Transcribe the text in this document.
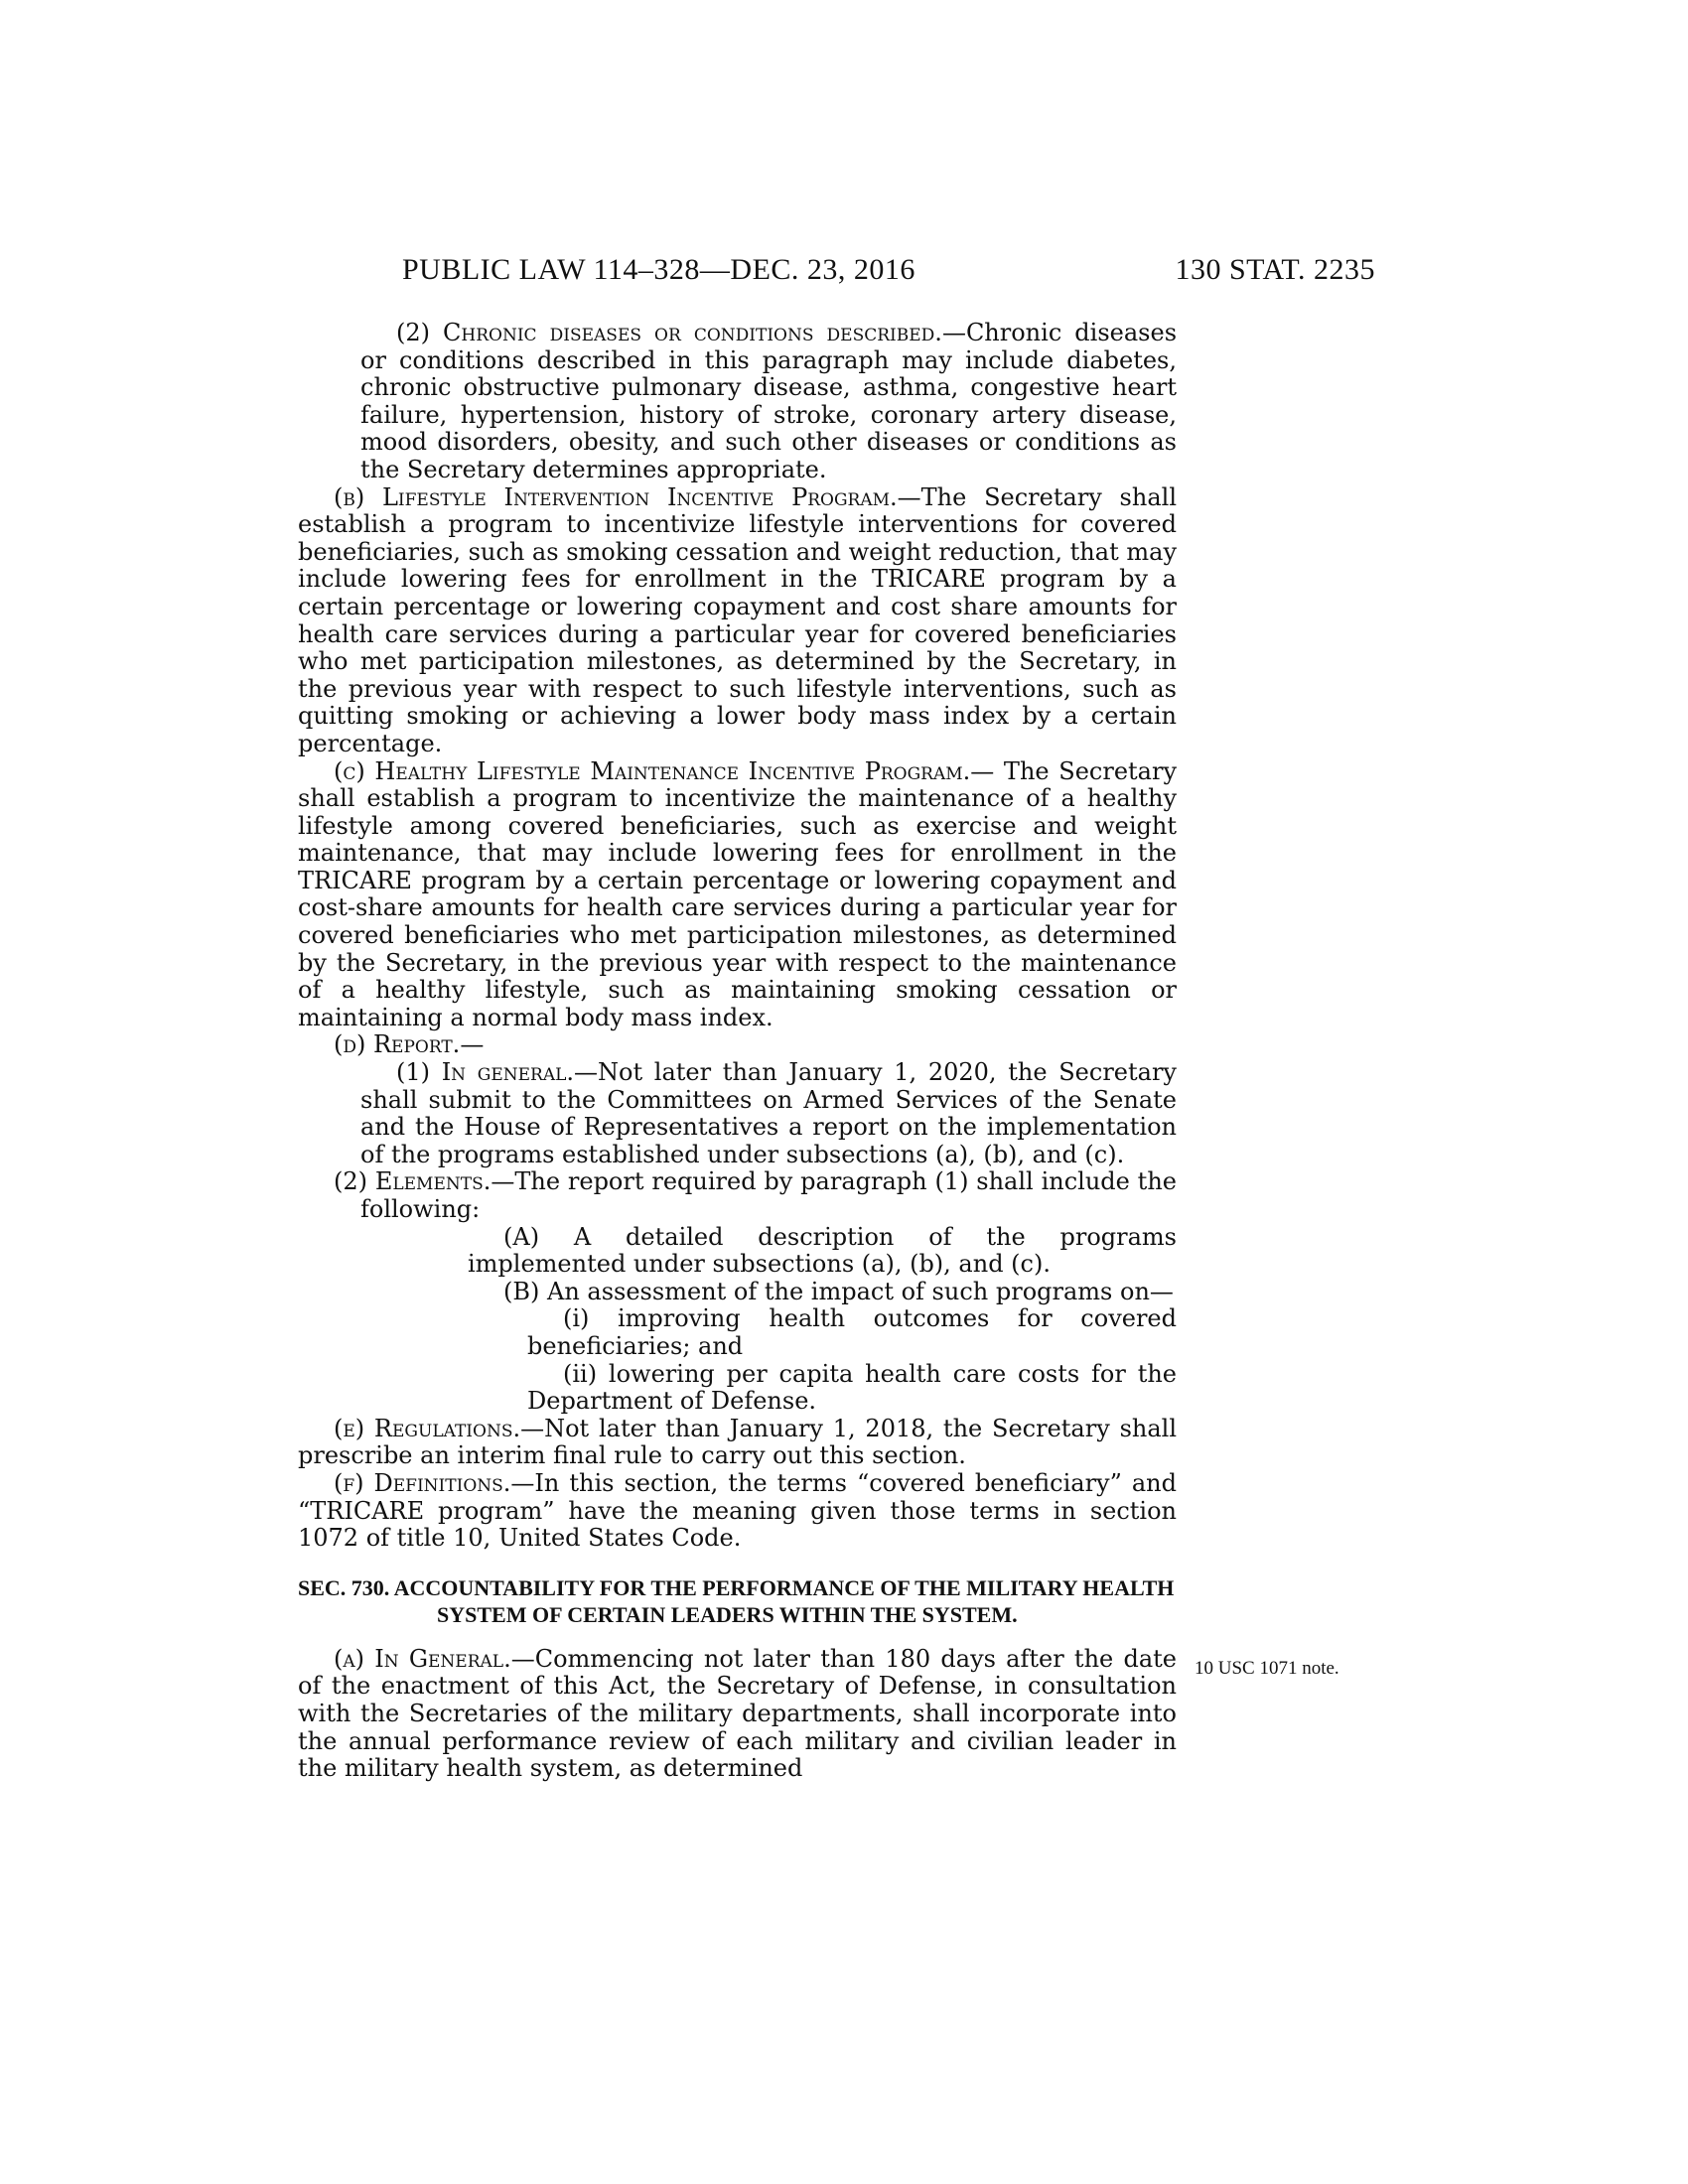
PUBLIC LAW 114–328—DEC. 23, 2016	130 STAT. 2235

(2) Chronic diseases or conditions described.—Chronic diseases or conditions described in this paragraph may include diabetes, chronic obstructive pulmonary disease, asthma, congestive heart failure, hypertension, history of stroke, coronary artery disease, mood disorders, obesity, and such other diseases or conditions as the Secretary determines appropriate.

(b) Lifestyle Intervention Incentive Program.—The Secretary shall establish a program to incentivize lifestyle interventions for covered beneficiaries, such as smoking cessation and weight reduction, that may include lowering fees for enrollment in the TRICARE program by a certain percentage or lowering copayment and cost share amounts for health care services during a particular year for covered beneficiaries who met participation milestones, as determined by the Secretary, in the previous year with respect to such lifestyle interventions, such as quitting smoking or achieving a lower body mass index by a certain percentage.

(c) Healthy Lifestyle Maintenance Incentive Program.— The Secretary shall establish a program to incentivize the maintenance of a healthy lifestyle among covered beneficiaries, such as exercise and weight maintenance, that may include lowering fees for enrollment in the TRICARE program by a certain percentage or lowering copayment and cost-share amounts for health care services during a particular year for covered beneficiaries who met participation milestones, as determined by the Secretary, in the previous year with respect to the maintenance of a healthy lifestyle, such as maintaining smoking cessation or maintaining a normal body mass index.

(d) Report.—

(1) In general.—Not later than January 1, 2020, the Secretary shall submit to the Committees on Armed Services of the Senate and the House of Representatives a report on the implementation of the programs established under subsections (a), (b), and (c).

(2) Elements.—The report required by paragraph (1) shall include the following:

(A) A detailed description of the programs implemented under subsections (a), (b), and (c).

(B) An assessment of the impact of such programs on—

(i) improving health outcomes for covered beneficiaries; and

(ii) lowering per capita health care costs for the Department of Defense.

(e) Regulations.—Not later than January 1, 2018, the Secretary shall prescribe an interim final rule to carry out this section.

(f) Definitions.—In this section, the terms “covered beneficiary” and “TRICARE program” have the meaning given those terms in section 1072 of title 10, United States Code.

SEC. 730. ACCOUNTABILITY FOR THE PERFORMANCE OF THE MILITARY HEALTH SYSTEM OF CERTAIN LEADERS WITHIN THE SYSTEM.

(a) In General.—Commencing not later than 180 days after the date of the enactment of this Act, the Secretary of Defense, in consultation with the Secretaries of the military departments, shall incorporate into the annual performance review of each military and civilian leader in the military health system, as determined

10 USC 1071 note.
